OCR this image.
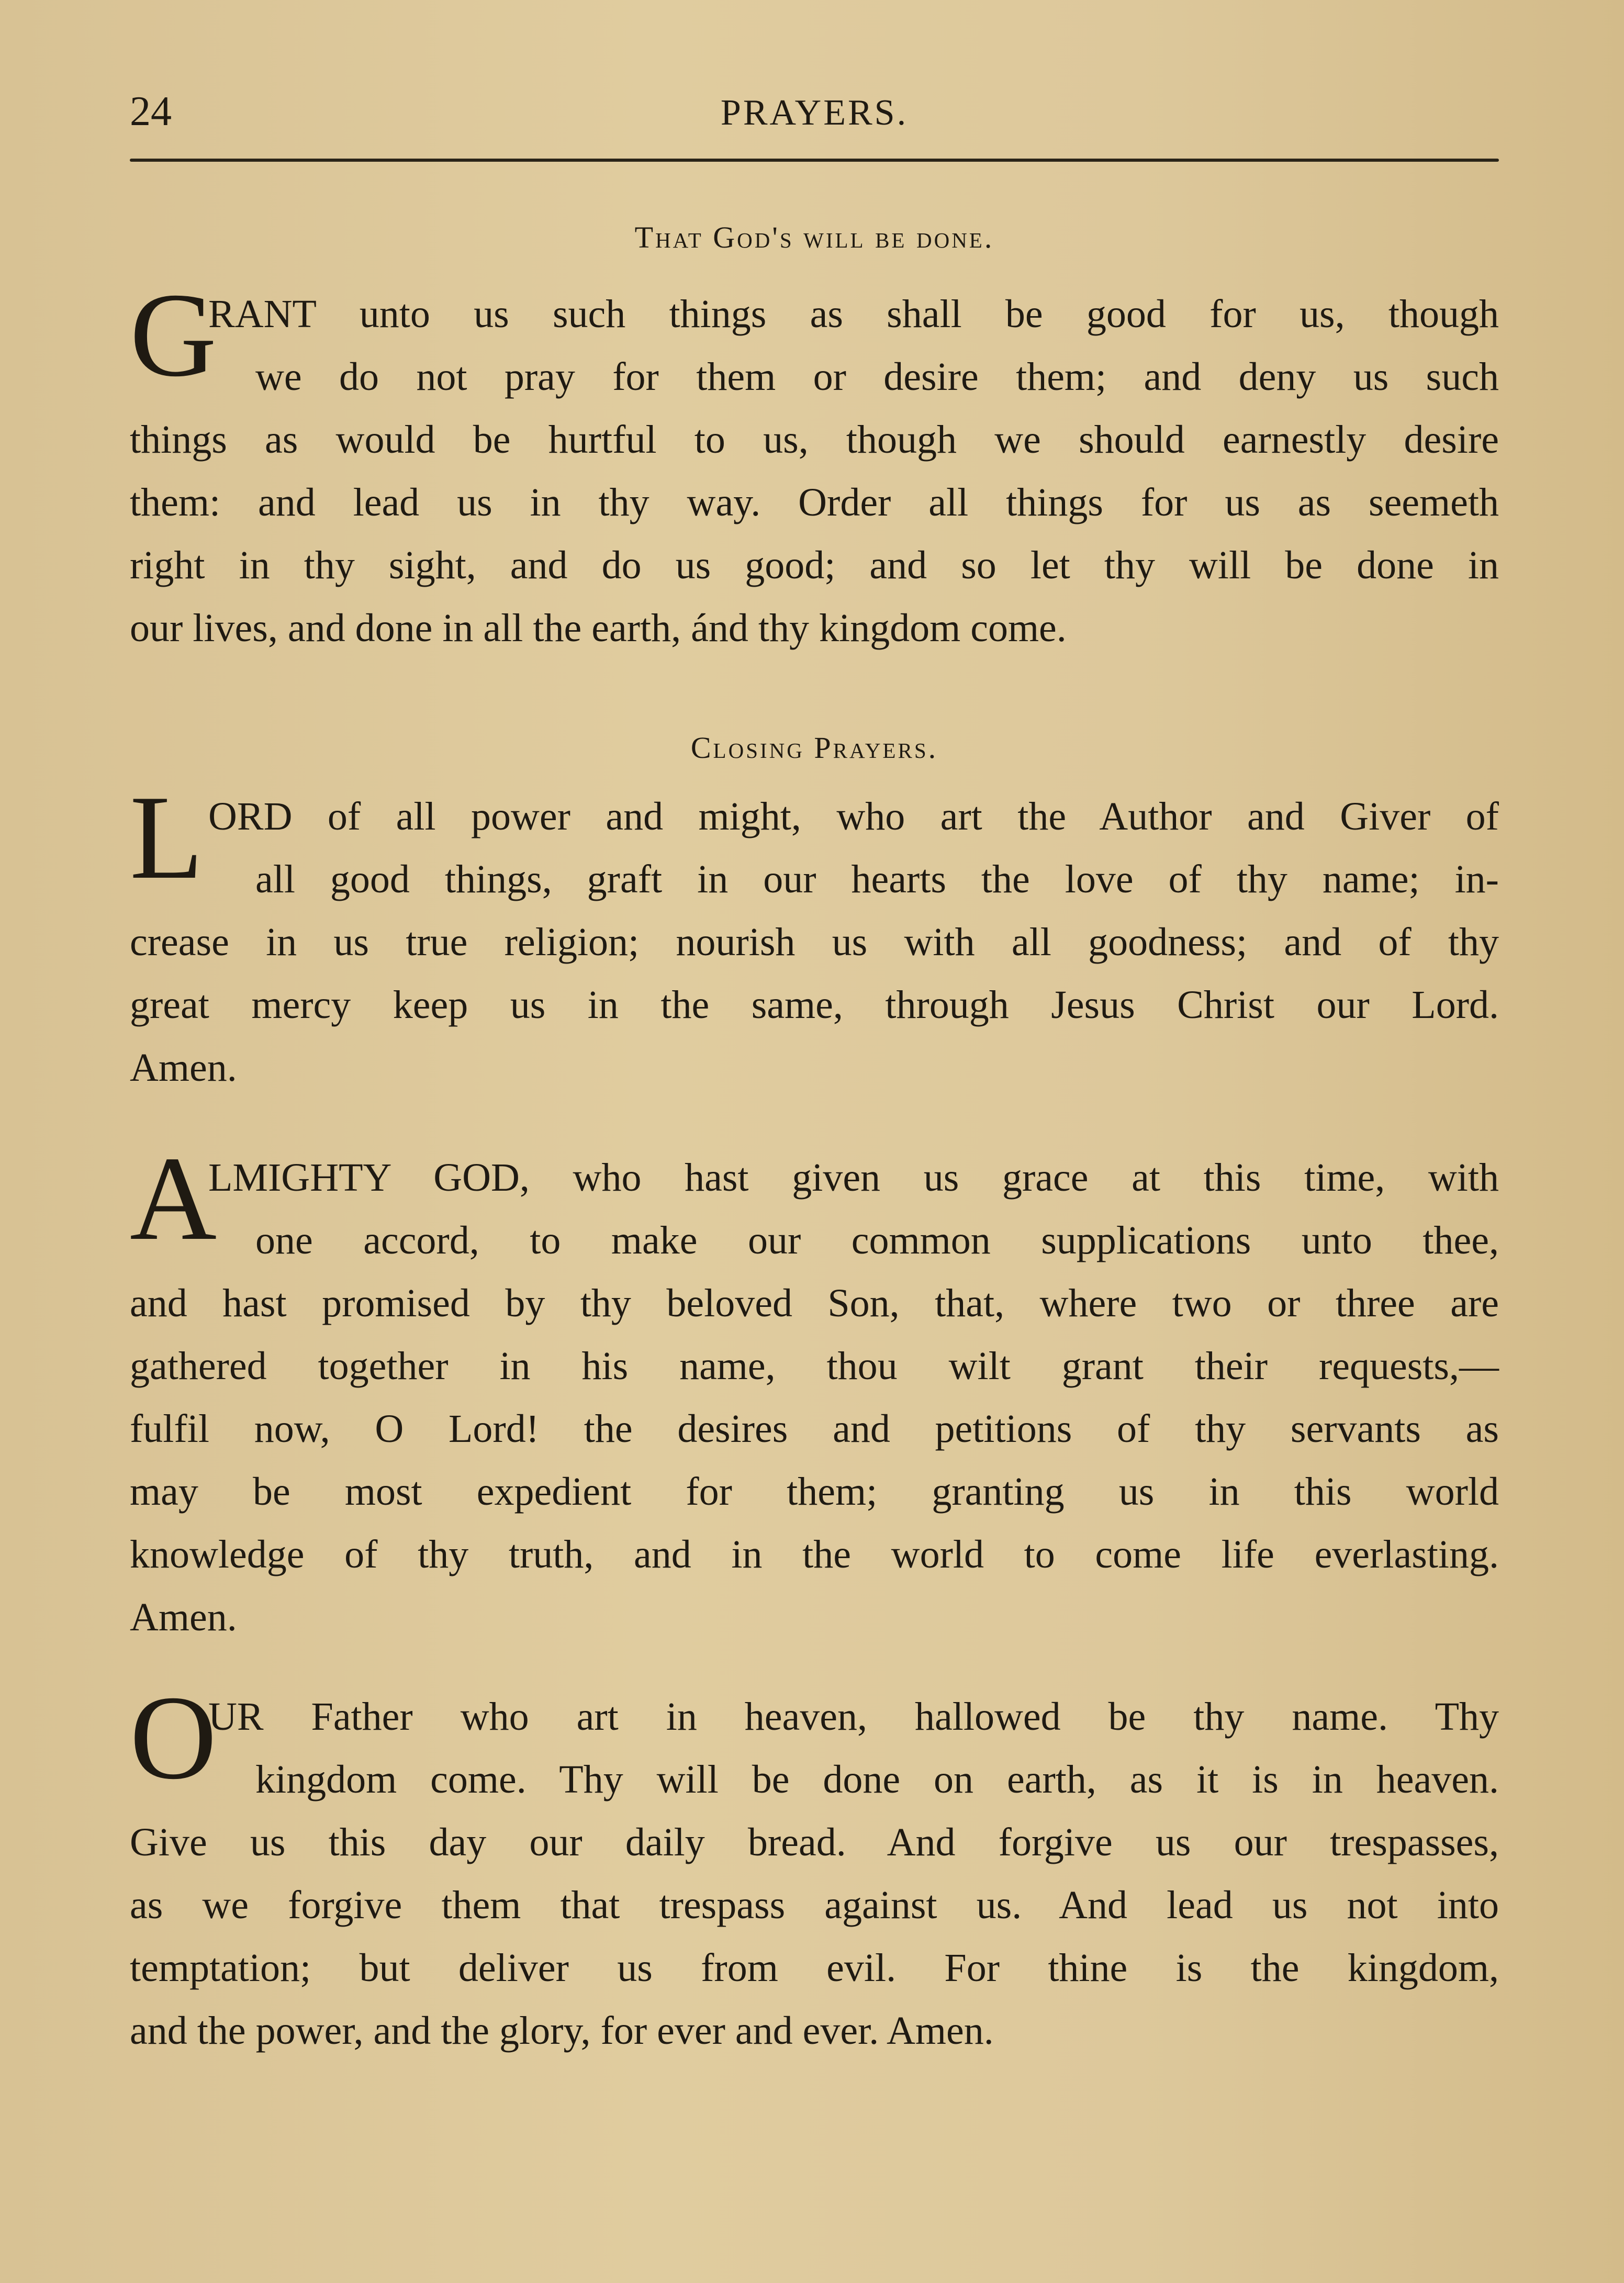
24	PRAYERS.
That God's will be done.
G
RANT unto us such things as shall be good for us, though
we do not pray for them or desire them; and deny us such
things as would be hurtful to us, though we should earnestly desire
them: and lead us in thy way. Order all things for us as seemeth
right in thy sight, and do us good; and so let thy will be done in
our lives, and done in all the earth, ánd thy kingdom come.
Closing Prayers.
L ORD of all power and might, who art the Author and Giver of
all good things, graft in our hearts the love of thy name; in-
crease in us true religion; nourish us with all goodness; and of thy
great mercy keep us in the same, through Jesus Christ our Lord.
Amen.
A
LMIGHTY GOD, who hast given us grace at this time, with
one accord, to make our common supplications unto thee,
and hast promised by thy beloved Son, that, where two or three are
gathered together in his name, thou wilt grant their requests,—
fulfil now, O Lord! the desires and petitions of thy servants as
may be most expedient for them; granting us in this world
knowledge of thy truth, and in the world to come life everlasting.
Amen.
O
UR Father who art in heaven, hallowed be thy name. Thy
kingdom come. Thy will be done on earth, as it is in heaven.
Give us this day our daily bread. And forgive us our trespasses,
as we forgive them that trespass against us. And lead us not into
temptation; but deliver us from evil. For thine is the kingdom,
and the power, and the glory, for ever and ever. Amen.
